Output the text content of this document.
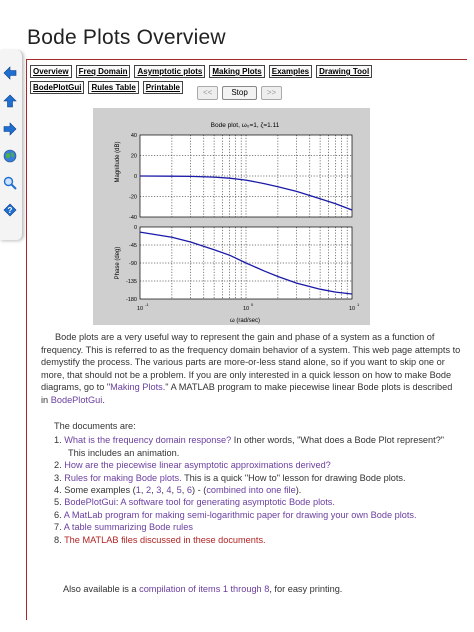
?
Bode Plots Overview
Overview	Freq Domain	Asymptotic plots	Making Plots	Examples	Drawing Tool
BodePlotGui	Rules Table	Printable
<<	Stop	>>
Bode plot, ω₀=1, ζ=1.11
Magnitude (dB)
Phase (deg)
ω (rad/sec)
40
20
0
-20
-40
0
-45
-90
-135
-180
10
-1
10
0
10
1

Bode plots are a very useful way to represent the gain and phase of a system as a function of frequency. This is referred to as the frequency domain behavior of a system. This web page attempts to demystify the process. The various parts are more-or-less stand alone, so if you want to skip one or more, that should not be a problem. If you are only interested in a quick lesson on how to make Bode diagrams, go to "Making Plots." A MATLAB program to make piecewise linear Bode plots is described in BodePlotGui.

The documents are:
1. What is the frequency domain response? In other words, "What does a Bode Plot represent?"
This includes an animation.
2. How are the piecewise linear asymptotic approximations derived?
3. Rules for making Bode plots. This is a quick "How to" lesson for drawing Bode plots.
4. Some examples (1, 2, 3, 4, 5, 6) - (combined into one file).
5. BodePlotGui: A software tool for generating asymptotic Bode plots.
6. A MatLab program for making semi-logarithmic paper for drawing your own Bode plots.
7. A table summarizing Bode rules
8. The MATLAB files discussed in these documents.
Also available is a compilation of items 1 through 8, for easy printing.
